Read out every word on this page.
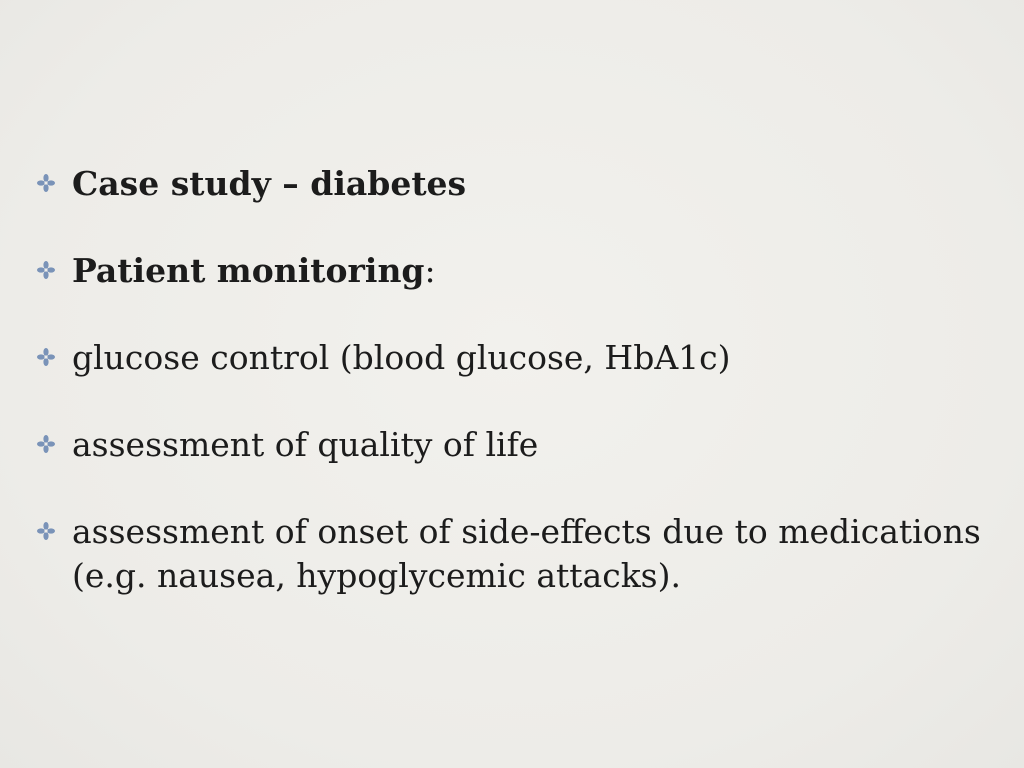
Case study – diabetes
Patient monitoring:
glucose control (blood glucose, HbA1c)
assessment of quality of life
assessment of onset of side-effects due to medications (e.g. nausea, hypoglycemic attacks).
